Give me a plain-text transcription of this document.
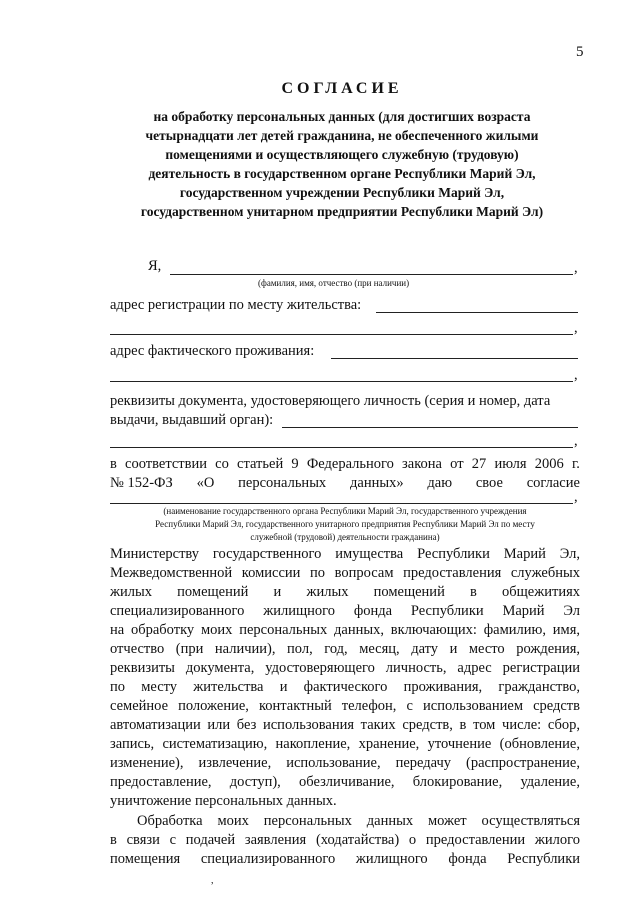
5
СОГЛАСИЕ
на обработку персональных данных (для достигших возраста
четырнадцати лет детей гражданина, не обеспеченного жилыми
помещениями и осуществляющего служебную (трудовую)
деятельность в государственном органе Республики Марий Эл,
государственном учреждении Республики Марий Эл,
государственном унитарном предприятии Республики Марий Эл)
Я,	,
(фамилия, имя, отчество (при наличии)
адрес регистрации по месту жительства:
,
адрес фактического проживания:
,
реквизиты документа, удостоверяющего личность (серия и номер, дата
выдачи, выдавший орган):
,
в соответствии со статьей 9 Федерального закона от 27 июля 2006 г.
№ 152-ФЗ «О персональных данных» даю свое согласие
,
(наименование государственного органа Республики Марий Эл, государственного учреждения
Республики Марий Эл, государственного унитарного предприятия Республики Марий Эл по месту
служебной (трудовой) деятельности гражданина)
Министерству государственного имущества Республики Марий Эл,
Межведомственной комиссии по вопросам предоставления служебных
жилых помещений и жилых помещений в общежитиях
специализированного жилищного фонда Республики Марий Эл
на обработку моих персональных данных, включающих: фамилию, имя,
отчество (при наличии), пол, год, месяц, дату и место рождения,
реквизиты документа, удостоверяющего личность, адрес регистрации
по месту жительства и фактического проживания, гражданство,
семейное положение, контактный телефон, с использованием средств
автоматизации или без использования таких средств, в том числе: сбор,
запись, систематизацию, накопление, хранение, уточнение (обновление,
изменение), извлечение, использование, передачу (распространение,
предоставление, доступ), обезличивание, блокирование, удаление,
уничтожение персональных данных.
Обработка моих персональных данных может осуществляться
в связи с подачей заявления (ходатайства) о предоставлении жилого
помещения специализированного жилищного фонда Республики
,
